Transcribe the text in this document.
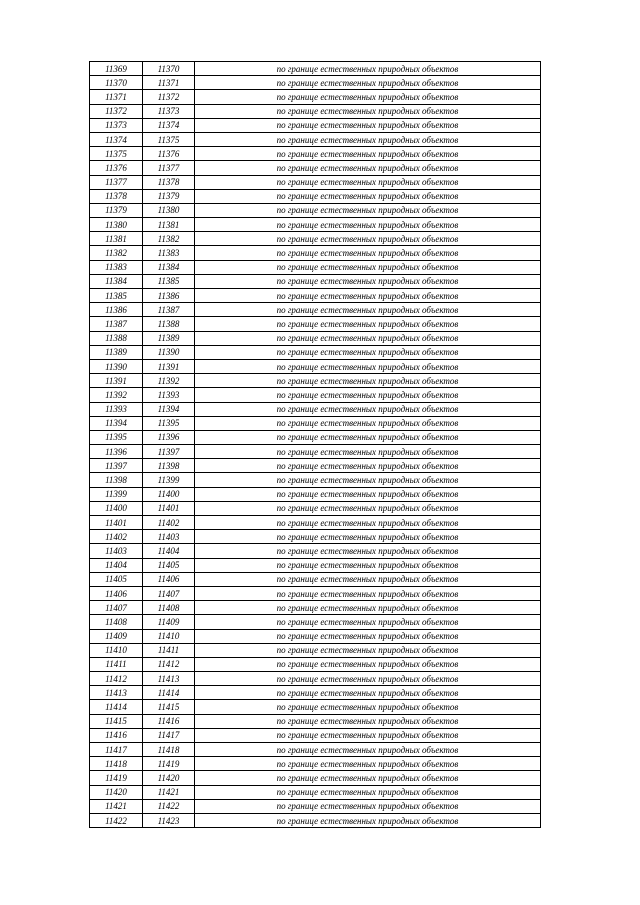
11369	11370	по границе естественных природных объектов
11370	11371	по границе естественных природных объектов
11371	11372	по границе естественных природных объектов
11372	11373	по границе естественных природных объектов
11373	11374	по границе естественных природных объектов
11374	11375	по границе естественных природных объектов
11375	11376	по границе естественных природных объектов
11376	11377	по границе естественных природных объектов
11377	11378	по границе естественных природных объектов
11378	11379	по границе естественных природных объектов
11379	11380	по границе естественных природных объектов
11380	11381	по границе естественных природных объектов
11381	11382	по границе естественных природных объектов
11382	11383	по границе естественных природных объектов
11383	11384	по границе естественных природных объектов
11384	11385	по границе естественных природных объектов
11385	11386	по границе естественных природных объектов
11386	11387	по границе естественных природных объектов
11387	11388	по границе естественных природных объектов
11388	11389	по границе естественных природных объектов
11389	11390	по границе естественных природных объектов
11390	11391	по границе естественных природных объектов
11391	11392	по границе естественных природных объектов
11392	11393	по границе естественных природных объектов
11393	11394	по границе естественных природных объектов
11394	11395	по границе естественных природных объектов
11395	11396	по границе естественных природных объектов
11396	11397	по границе естественных природных объектов
11397	11398	по границе естественных природных объектов
11398	11399	по границе естественных природных объектов
11399	11400	по границе естественных природных объектов
11400	11401	по границе естественных природных объектов
11401	11402	по границе естественных природных объектов
11402	11403	по границе естественных природных объектов
11403	11404	по границе естественных природных объектов
11404	11405	по границе естественных природных объектов
11405	11406	по границе естественных природных объектов
11406	11407	по границе естественных природных объектов
11407	11408	по границе естественных природных объектов
11408	11409	по границе естественных природных объектов
11409	11410	по границе естественных природных объектов
11410	11411	по границе естественных природных объектов
11411	11412	по границе естественных природных объектов
11412	11413	по границе естественных природных объектов
11413	11414	по границе естественных природных объектов
11414	11415	по границе естественных природных объектов
11415	11416	по границе естественных природных объектов
11416	11417	по границе естественных природных объектов
11417	11418	по границе естественных природных объектов
11418	11419	по границе естественных природных объектов
11419	11420	по границе естественных природных объектов
11420	11421	по границе естественных природных объектов
11421	11422	по границе естественных природных объектов
11422	11423	по границе естественных природных объектов
